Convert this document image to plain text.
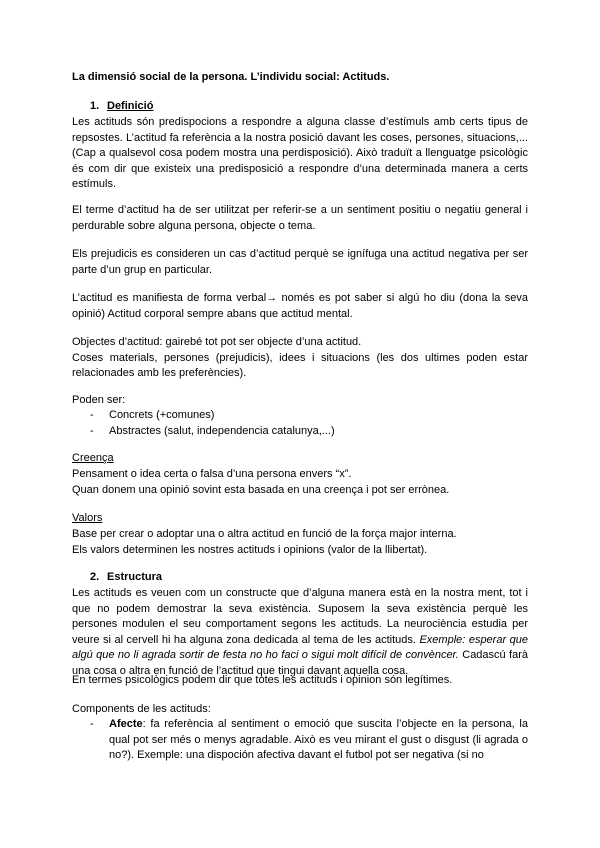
La dimensió social de la persona. L’individu social: Actituds.
1. Definició

Les actituds són predispocions a respondre a alguna classe d’estímuls amb certs tipus de repsostes. L’actitud fa referència a la nostra posició davant les coses, persones, situacions,... (Cap a qualsevol cosa podem mostra una perdisposició). Això traduït a llenguatge psicològic és com dir que existeix una predisposició a respondre d’una determinada manera a certs estímuls.

El terme d’actitud ha de ser utilitzat per referir-se a un sentiment positiu o negatiu general i perdurable sobre alguna persona, objecte o tema.

Els prejudicis es consideren un cas d’actitud perquè se ignífuga una actitud negativa per ser parte d’un grup en particular.

L’actitud es manifiesta de forma verbal→ només es pot saber si algú ho diu (dona la seva opinió) Actitud corporal sempre abans que actitud mental.

Objectes d’actitud: gairebé tot pot ser objecte d’una actitud.

Coses materials, persones (prejudicis), idees i situacions (les dos ultimes poden estar relacionades amb les preferències).

Poden ser:
- Concrets (+comunes)
- Abstractes (salut, independencia catalunya,...)
Creença
Pensament o idea certa o falsa d’una persona envers “x”.
Quan donem una opinió sovint esta basada en una creença i pot ser errònea.
Valors
Base per crear o adoptar una o altra actitud en funció de la força major interna.
Els valors determinen les nostres actituds i opinions (valor de la llibertat).
2. Estructura

Les actituds es veuen com un constructe que d’alguna manera està en la nostra ment, tot i que no podem demostrar la seva existència. Suposem la seva existència perquè les persones modulen el seu comportament segons les actituds. La neurociència estudia per veure si al cervell hi ha alguna zona dedicada al tema de les actituds. Exemple: esperar que algú que no li agrada sortir de festa no ho faci o sigui molt difícil de convèncer. Cadascú farà una cosa o altra en funció de l’actitud que tingui davant aquella cosa.

En termes psicològics podem dir que totes les actituds i opinion són legítimes.

Components de les actituds:
- Afecte: fa referència al sentiment o emoció que suscita l’objecte en la persona, la qual pot ser més o menys agradable. Això es veu mirant el gust o disgust (li agrada o no?). Exemple: una dispoción afectiva davant el futbol pot ser negativa (si no
